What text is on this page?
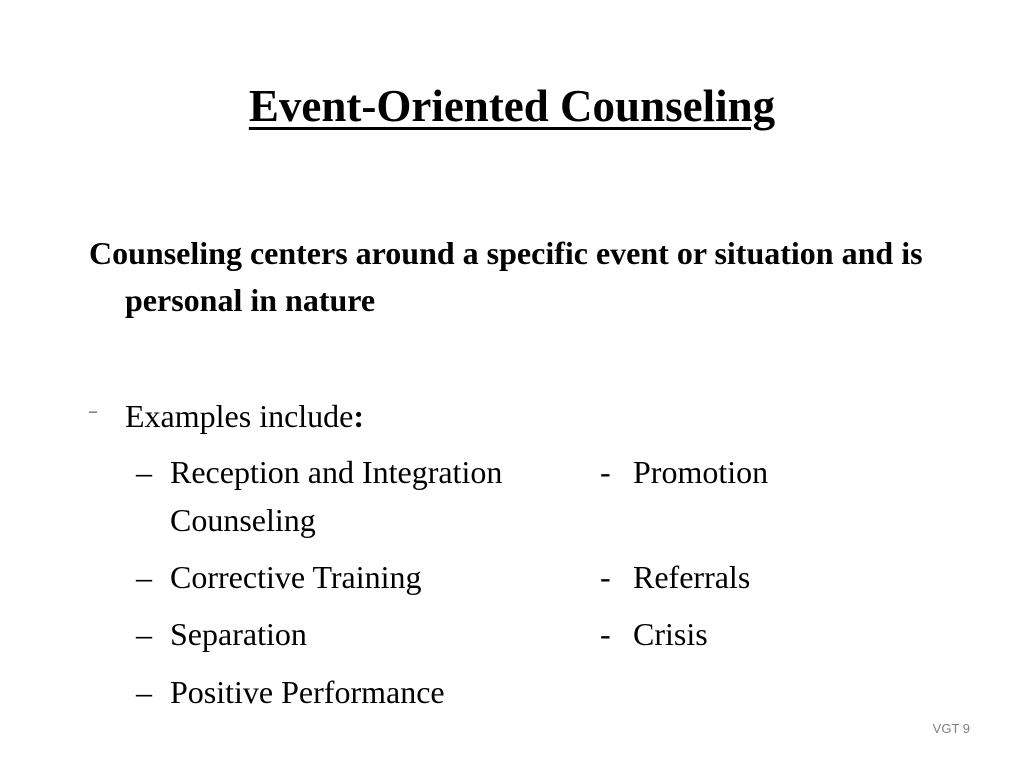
Event-Oriented Counseling

Counseling centers around a specific event or situation and is personal in nature

– Examples include:
– Reception and Integration Counseling
- Promotion
– Corrective Training	- Referrals
– Separation	- Crisis
– Positive Performance
VGT 9
